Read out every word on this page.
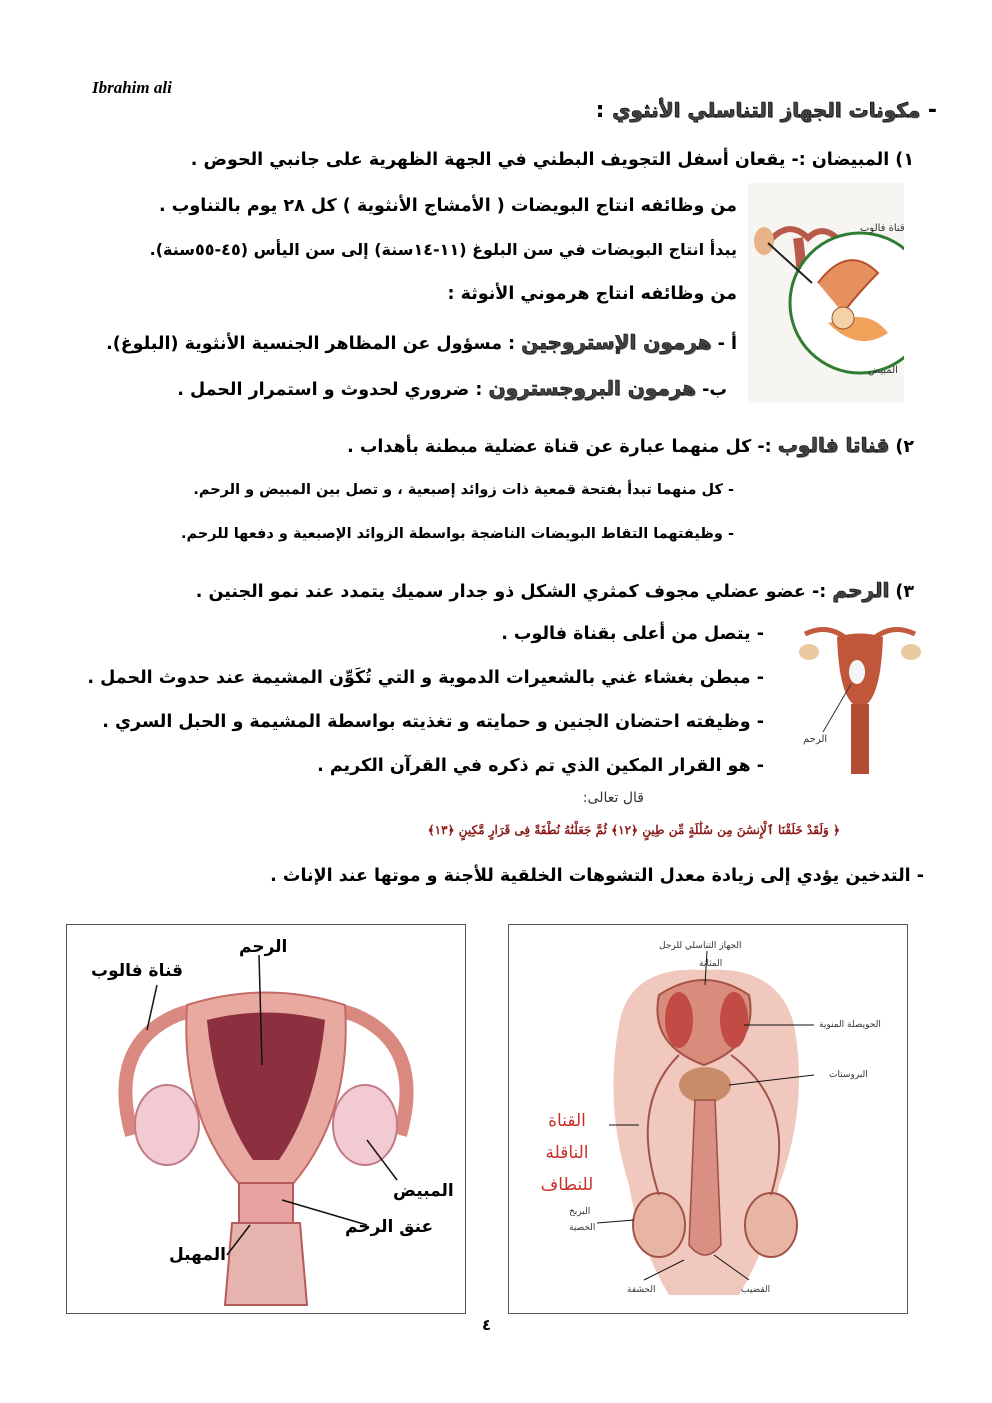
Ibrahim ali
- مكونات الجهاز التناسلي الأنثوي :
١) المبيضان :- يقعان أسفل التجويف البطني في الجهة الظهرية على جانبي الحوض .
من وظائفه انتاج البويضات ( الأمشاج الأنثوية ) كل ٢٨ يوم بالتناوب .
يبدأ انتاج البويضات في سن البلوغ (١١-١٤سنة) إلى سن اليأس (٤٥-٥٥سنة).
من وظائفه انتاج هرموني الأنوثة :
أ - هرمون الإستروجين : مسؤول عن المظاهر الجنسية الأنثوية (البلوغ).
ب- هرمون البروجسترون : ضروري لحدوث و استمرار الحمل .
قناة فالوب
المبيض
٢) قناتا فالوب :- كل منهما عبارة عن قناة عضلية مبطنة بأهداب .
- كل منهما تبدأ بفتحة قمعية ذات زوائد إصبعية ، و تصل بين المبيض و الرحم.
- وظيفتهما التقاط البويضات الناضجة بواسطة الزوائد الإصبعية و دفعها للرحم.
٣) الرحم :- عضو عضلي مجوف كمثري الشكل ذو جدار سميك يتمدد عند نمو الجنين .
- يتصل من أعلى بقناة فالوب .
- مبطن بغشاء غني بالشعيرات الدموية و التي تُكَوِّن المشيمة عند حدوث الحمل .
- وظيفته احتضان الجنين و حمايته و تغذيته بواسطة المشيمة و الحبل السري .
- هو القرار المكين الذي تم ذكره في القرآن الكريم .
الرحم
قال تعالى:
﴿ وَلَقَدْ خَلَقْنَا ٱلْإِنسَٰنَ مِن سُلَٰلَةٍ مِّن طِينٍ ﴿١٢﴾ ثُمَّ جَعَلْنَٰهُ نُطْفَةً فِى قَرَارٍ مَّكِينٍ ﴿١٣﴾
- التدخين يؤدي إلى زيادة معدل التشوهات الخلقية للأجنة و موتها عند الإناث .
الرحم
قناة فالوب
المبيض
عنق الرحم
المهبل
الجهاز التناسلي للرجل
المثانة
الحويصلة المنوية
البروستات
القناة الناقلة للنطاف
البربخ
الخصية
الحشفة	القضيب
٤
